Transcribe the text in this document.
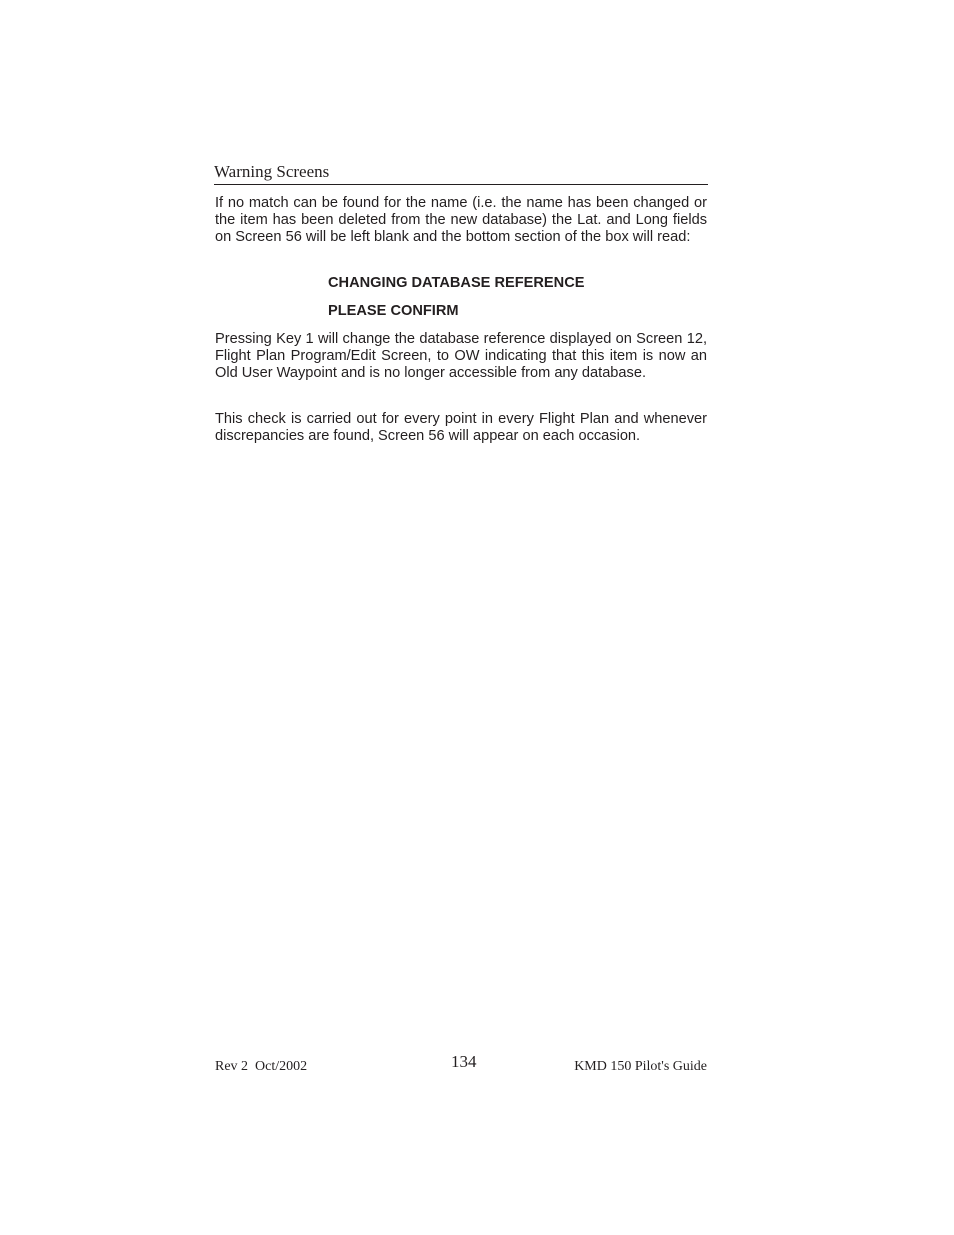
Warning Screens

If no match can be found for the name (i.e. the name has been changed or the item has been deleted from the new database) the Lat. and Long fields on Screen 56 will be left blank and the bottom section of the box will read:

CHANGING DATABASE REFERENCE

PLEASE CONFIRM

Pressing Key 1 will change the database reference displayed on Screen 12, Flight Plan Program/Edit Screen, to OW indicating that this item is now an Old User Waypoint and is no longer accessible from any database.

This check is carried out for every point in every Flight Plan and whenever discrepancies are found, Screen 56 will appear on each occasion.

Rev 2  Oct/2002	134	KMD 150 Pilot's Guide
